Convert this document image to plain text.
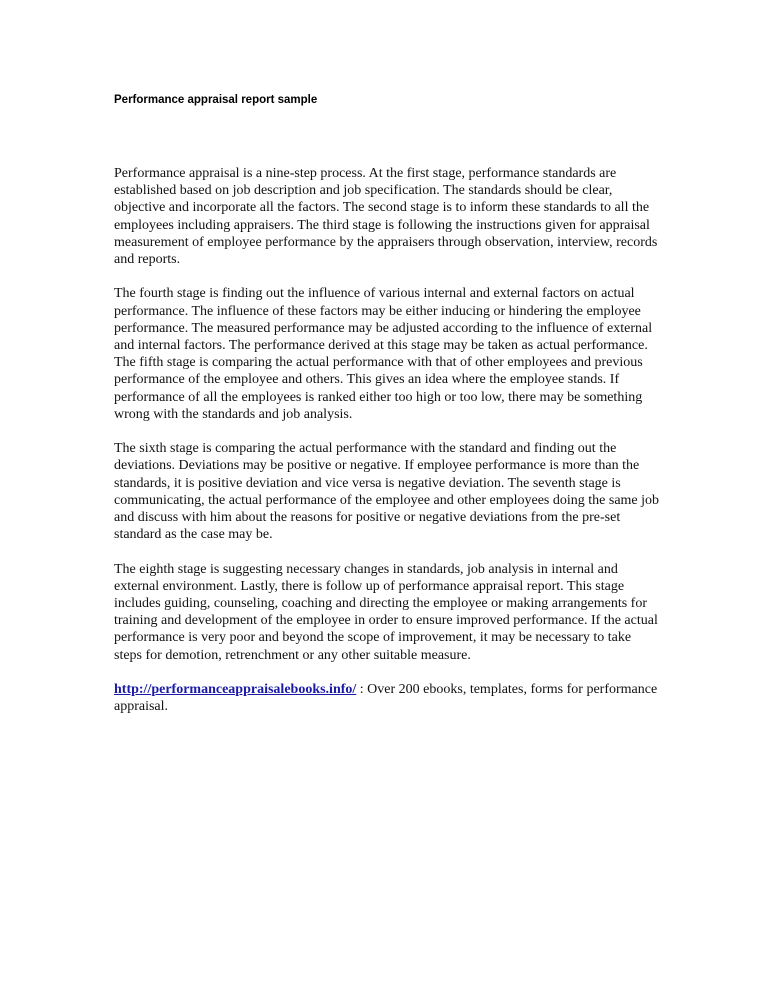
Performance appraisal report sample

Performance appraisal is a nine-step process. At the first stage, performance standards are established based on job description and job specification. The standards should be clear, objective and incorporate all the factors. The second stage is to inform these standards to all the employees including appraisers. The third stage is following the instructions given for appraisal measurement of employee performance by the appraisers through observation, interview, records and reports.

The fourth stage is finding out the influence of various internal and external factors on actual performance. The influence of these factors may be either inducing or hindering the employee performance. The measured performance may be adjusted according to the influence of external and internal factors. The performance derived at this stage may be taken as actual performance. The fifth stage is comparing the actual performance with that of other employees and previous performance of the employee and others. This gives an idea where the employee stands. If performance of all the employees is ranked either too high or too low, there may be something wrong with the standards and job analysis.

The sixth stage is comparing the actual performance with the standard and finding out the deviations. Deviations may be positive or negative. If employee performance is more than the standards, it is positive deviation and vice versa is negative deviation. The seventh stage is communicating, the actual performance of the employee and other employees doing the same job and discuss with him about the reasons for positive or negative deviations from the pre-set standard as the case may be.

The eighth stage is suggesting necessary changes in standards, job analysis in internal and external environment. Lastly, there is follow up of performance appraisal report. This stage includes guiding, counseling, coaching and directing the employee or making arrangements for training and development of the employee in order to ensure improved performance. If the actual performance is very poor and beyond the scope of improvement, it may be necessary to take steps for demotion, retrenchment or any other suitable measure.

http://performanceappraisalebooks.info/ : Over 200 ebooks, templates, forms for performance appraisal.
